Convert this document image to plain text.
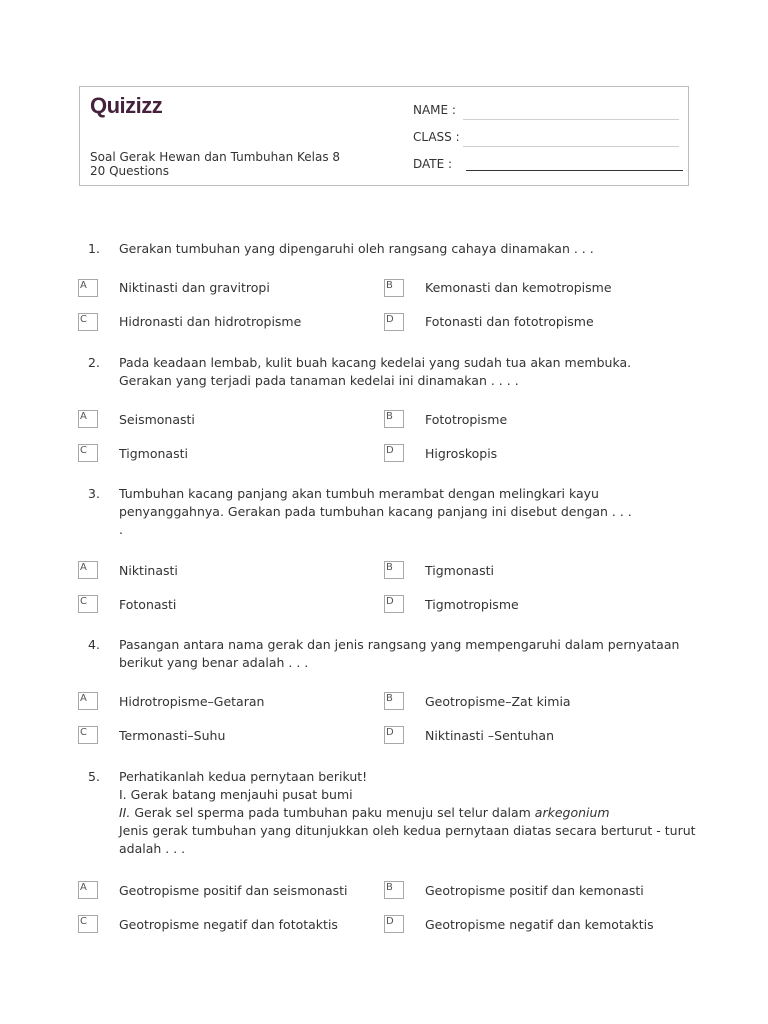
Quizizz
Soal Gerak Hewan dan Tumbuhan Kelas 8
20 Questions
NAME :
CLASS :
DATE :
1.	Gerakan tumbuhan yang dipengaruhi oleh rangsang cahaya dinamakan . . .
A	Niktinasti dan gravitropi	B	Kemonasti dan kemotropisme
C	Hidronasti dan hidrotropisme	D	Fotonasti dan fototropisme
2.	Pada keadaan lembab, kulit buah kacang kedelai yang sudah tua akan membuka.
Gerakan yang terjadi pada tanaman kedelai ini dinamakan . . . .
A	Seismonasti	B	Fototropisme
C	Tigmonasti	D	Higroskopis
3.	Tumbuhan kacang panjang akan tumbuh merambat dengan melingkari kayu
penyanggahnya. Gerakan pada tumbuhan kacang panjang ini disebut dengan . . .
.
A	Niktinasti	B	Tigmonasti
C	Fotonasti	D	Tigmotropisme
4.	Pasangan antara nama gerak dan jenis rangsang yang mempengaruhi dalam pernyataan
berikut yang benar adalah . . .
A	Hidrotropisme–Getaran	B	Geotropisme–Zat kimia
C	Termonasti–Suhu	D	Niktinasti –Sentuhan
5.	Perhatikanlah kedua pernytaan berikut!
I. Gerak batang menjauhi pusat bumi
II. Gerak sel sperma pada tumbuhan paku menuju sel telur dalam arkegonium
Jenis gerak tumbuhan yang ditunjukkan oleh kedua pernytaan diatas secara berturut - turut
adalah . . .
A	Geotropisme positif dan seismonasti	B	Geotropisme positif dan kemonasti
C	Geotropisme negatif dan fototaktis	D	Geotropisme negatif dan kemotaktis
